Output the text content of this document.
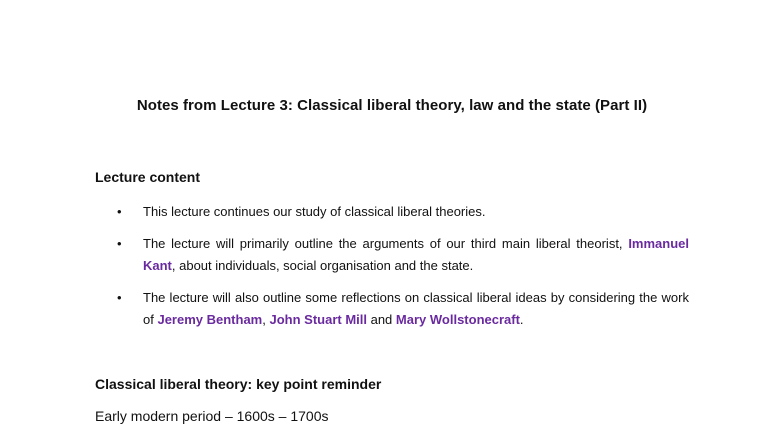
Notes from Lecture 3: Classical liberal theory, law and the state (Part II)
Lecture content
• This lecture continues our study of classical liberal theories.
• The lecture will primarily outline the arguments of our third main liberal theorist, Immanuel Kant, about individuals, social organisation and the state.
• The lecture will also outline some reflections on classical liberal ideas by considering the work of Jeremy Bentham, John Stuart Mill and Mary Wollstonecraft.
Classical liberal theory: key point reminder
Early modern period – 1600s – 1700s
